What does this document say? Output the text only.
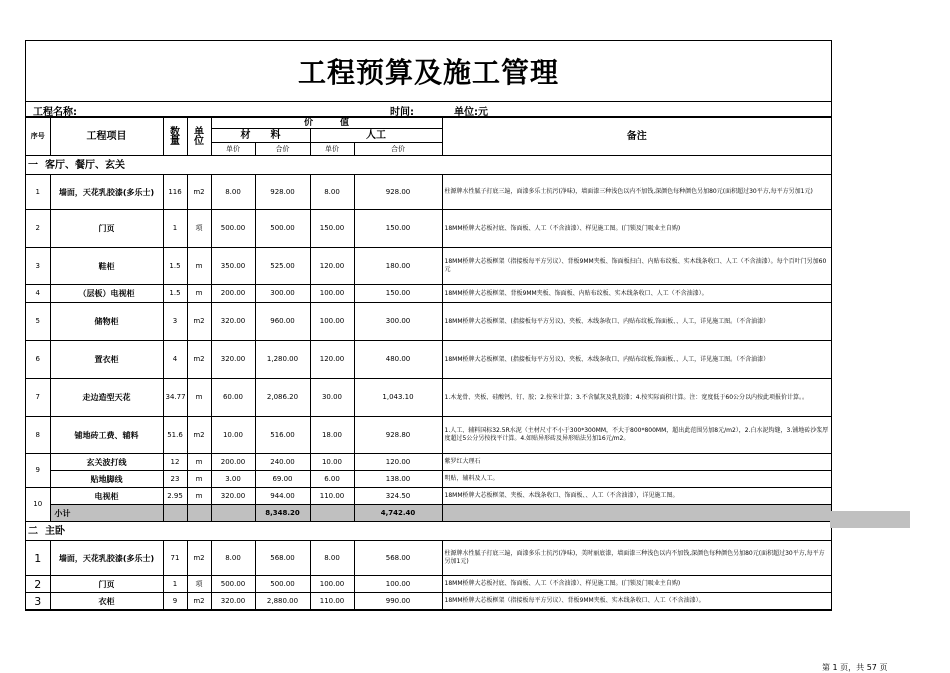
工程预算及施工管理
工程名称:	时间:	单位:元
序号	工程项目	数量	单位	价　　　值				备注
				材　　料		人工		
				单价	合价	单价	合价	
一 客厅、餐厅、玄关								
1	墙面，天花乳胶漆(多乐士)	116	m2	8.00	928.00	8.00	928.00	柱源牌水性腻子打底三遍，面漆多乐士抗污(净味)，墙面漆三种浅色以内不加钱,深颜色每种颜色另加80元(面积超过30平方,每平方另加1元)
2	门页	1	项	500.00	500.00	150.00	150.00	18MM桥牌大芯板衬底、饰面板、人工（不含油漆）、样见施工图。(门锁及门吸业主自购)
3	鞋柜	1.5	m	350.00	525.00	120.00	180.00	18MM桥牌大芯板框架（指接板每平方另议）、背板9MM夹板、饰面板扫白、内贴布纹板、实木线条收口、人工（不含油漆）。每个百叶门另加60元
4	（层板）电视柜	1.5	m	200.00	300.00	100.00	150.00	18MM桥牌大芯板框架、背板9MM夹板、饰面板、内贴布纹板、实木线条收口、人工（不含油漆）。
5	储物柜	3	m2	320.00	960.00	100.00	300.00	18MM桥牌大芯板框架、(指接板每平方另议)、夹板、木线条收口、内贴布纹板,饰面板、、人工，详见施工图。（不含油漆）
6	置衣柜	4	m2	320.00	1,280.00	120.00	480.00	18MM桥牌大芯板框架、(指接板每平方另议)、夹板、木线条收口、内贴布纹板,饰面板、、人工，详见施工图。（不含油漆）
7	走边造型天花	34.77	m	60.00	2,086.20	30.00	1,043.10	1.木龙骨、夹板、硅酸钙、钉、胶；2.按米计算；3.不含腻灰及乳胶漆；4.按实际面积计算。注：宽度低于60公分以内按此项报价计算。。
8	铺地砖工费、辅料	51.6	m2	10.00	516.00	18.00	928.80	1.人工、辅料国标32.5R水泥（主材尺寸不小于300*300MM，不大于800*800MM，超出此范围另加8元/m2），2.白水泥钩缝，3.铺地砖沙浆厚度超过5公分另按找平计算。4.如贴异形砖及异形贴法另加16元/m2。
9	玄关波打线	12	m	200.00	240.00	10.00	120.00	紫罗红大理石
	贴地脚线	23	m	3.00	69.00	6.00	138.00	明贴，辅料及人工。
10	电视柜	2.95	m	320.00	944.00	110.00	324.50	18MM桥牌大芯板框架、夹板、木线条收口、饰面板、、人工（不含油漆），详见施工图。
	小计				8,348.20		4,742.40	
二 主卧								
1	墙面，天花乳胶漆(多乐士)	71	m2	8.00	568.00	8.00	568.00	柱源牌水性腻子打底三遍，面漆多乐士抗污(净味)，美时丽底漆，墙面漆三种浅色以内不加钱,深颜色每种颜色另加80元(面积超过30平方,每平方另加1元)
2	门页	1	项	500.00	500.00	100.00	100.00	18MM桥牌大芯板衬底、饰面板、人工（不含油漆）、样见施工图。(门锁及门吸业主自购)
3	衣柜	9	m2	320.00	2,880.00	110.00	990.00	18MM桥牌大芯板框架（指接板每平方另议）、背板9MM夹板、实木线条收口、人工（不含油漆）。
第 1 页，共 57 页
